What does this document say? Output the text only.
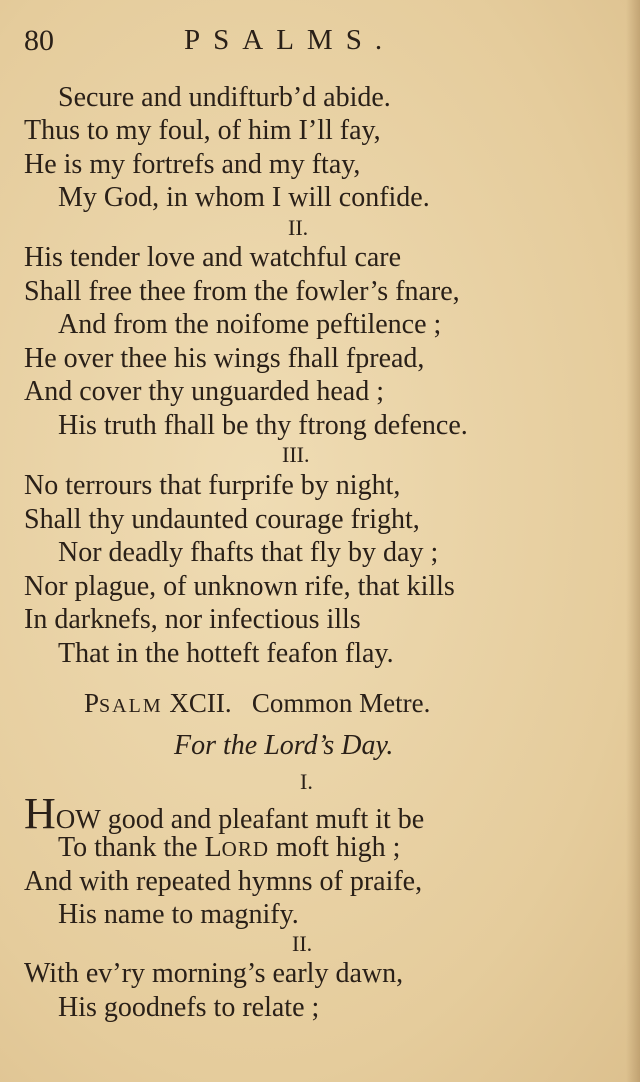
80	PSALMS.
Secure and undifturb’d abide.
Thus to my foul, of him I’ll fay,
He is my fortrefs and my ftay,
My God, in whom I will confide.
II.
His tender love and watchful care
Shall free thee from the fowler’s fnare,
And from the noifome peftilence ;
He over thee his wings fhall fpread,
And cover thy unguarded head ;
His truth fhall be thy ftrong defence.
III.
No terrours that furprife by night,
Shall thy undaunted courage fright,
Nor deadly fhafts that fly by day ;
Nor plague, of unknown rife, that kills
In darknefs, nor infectious ills
That in the hotteft feafon flay.
PSALM XCII. Common Metre.
For the Lord’s Day.
I.
HOW good and pleafant muft it be
To thank the LORD moft high ;
And with repeated hymns of praife,
His name to magnify.
II.
With ev’ry morning’s early dawn,
His goodnefs to relate ;
